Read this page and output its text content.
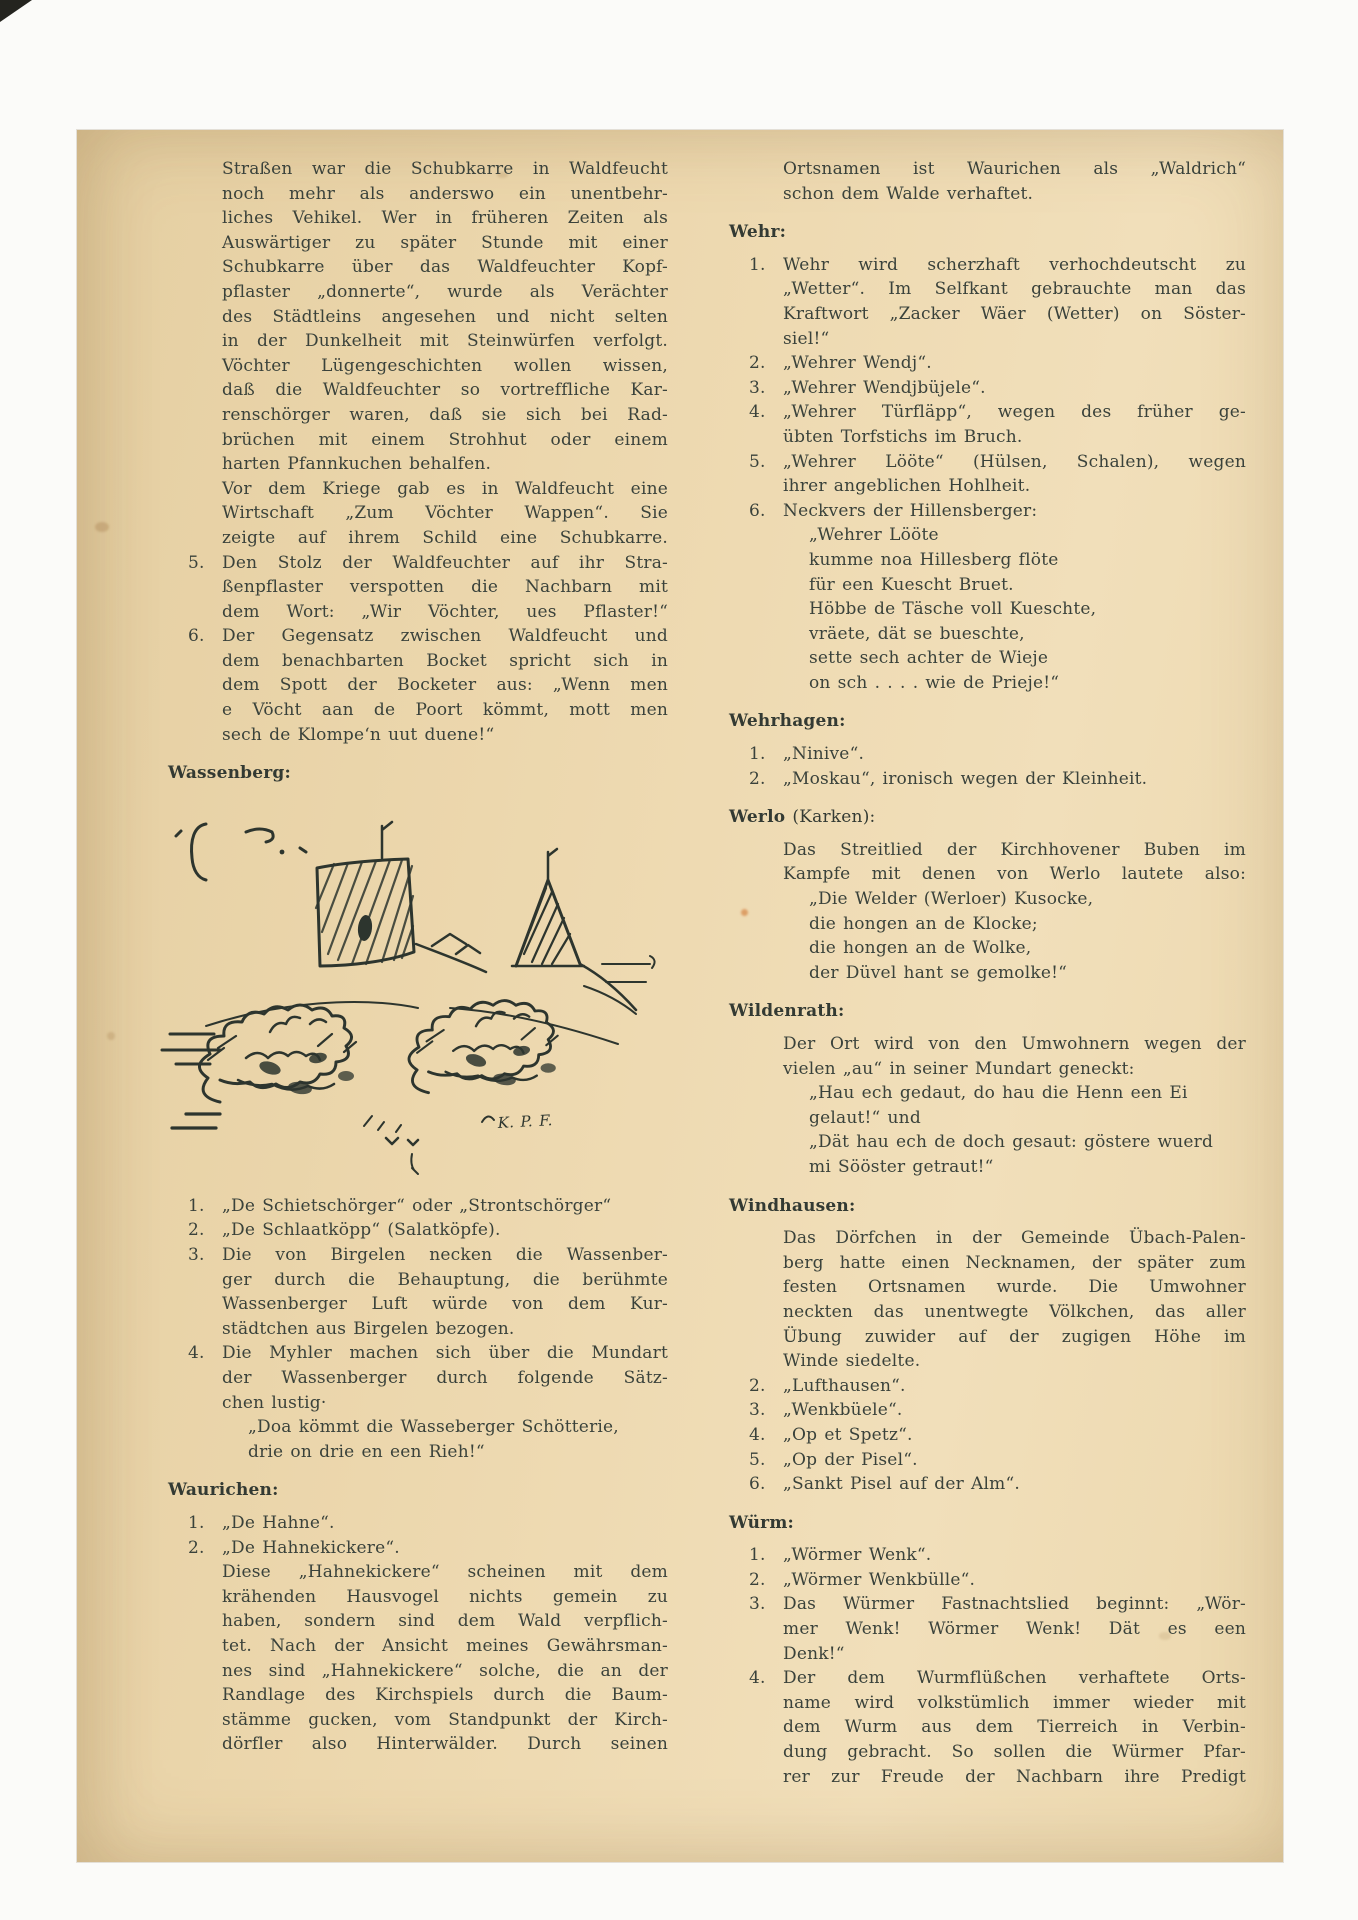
Straßen war die Schubkarre in Waldfeucht
noch mehr als anderswo ein unentbehr-
liches Vehikel. Wer in früheren Zeiten als
Auswärtiger zu später Stunde mit einer
Schubkarre über das Waldfeuchter Kopf-
pflaster „donnerte“, wurde als Verächter
des Städtleins angesehen und nicht selten
in der Dunkelheit mit Steinwürfen verfolgt.
Vöchter Lügengeschichten wollen wissen,
daß die Waldfeuchter so vortreffliche Kar-
renschörger waren, daß sie sich bei Rad-
brüchen mit einem Strohhut oder einem
harten Pfannkuchen behalfen.
Vor dem Kriege gab es in Waldfeucht eine
Wirtschaft „Zum Vöchter Wappen“. Sie
zeigte auf ihrem Schild eine Schubkarre.
5. Den Stolz der Waldfeuchter auf ihr Stra-
ßenpflaster verspotten die Nachbarn mit
dem Wort: „Wir Vöchter, ues Pflaster!“
6. Der Gegensatz zwischen Waldfeucht und
dem benachbarten Bocket spricht sich in
dem Spott der Bocketer aus: „Wenn men
e Vöcht aan de Poort kömmt, mott men
sech de Klompe‘n uut duene!“
Wassenberg:
K. P. F.
1. „De Schietschörger“ oder „Strontschörger“
2. „De Schlaatköpp“ (Salatköpfe).
3. Die von Birgelen necken die Wassenber-
ger durch die Behauptung, die berühmte
Wassenberger Luft würde von dem Kur-
städtchen aus Birgelen bezogen.
4. Die Myhler machen sich über die Mundart
der Wassenberger durch folgende Sätz-
chen lustig·
„Doa kömmt die Wasseberger Schötterie,
drie on drie en een Rieh!“
Waurichen:
1. „De Hahne“.
2. „De Hahnekickere“.
Diese „Hahnekickere“ scheinen mit dem
krähenden Hausvogel nichts gemein zu
haben, sondern sind dem Wald verpflich-
tet. Nach der Ansicht meines Gewährsman-
nes sind „Hahnekickere“ solche, die an der
Randlage des Kirchspiels durch die Baum-
stämme gucken, vom Standpunkt der Kirch-
dörfler also Hinterwälder. Durch seinen
Ortsnamen ist Waurichen als „Waldrich“
schon dem Walde verhaftet.
Wehr:
1. Wehr wird scherzhaft verhochdeutscht zu
„Wetter“. Im Selfkant gebrauchte man das
Kraftwort „Zacker Wäer (Wetter) on Söster-
siel!“
2. „Wehrer Wendj“.
3. „Wehrer Wendjbüjele“.
4. „Wehrer Türfläpp“, wegen des früher ge-
übten Torfstichs im Bruch.
5. „Wehrer Lööte“ (Hülsen, Schalen), wegen
ihrer angeblichen Hohlheit.
6. Neckvers der Hillensberger:
„Wehrer Lööte
kumme noa Hillesberg flöte
für een Kuescht Bruet.
Höbbe de Täsche voll Kueschte,
vräete, dät se bueschte,
sette sech achter de Wieje
on sch . . . . wie de Prieje!“
Wehrhagen:
1. „Ninive“.
2. „Moskau“, ironisch wegen der Kleinheit.
Werlo (Karken):
Das Streitlied der Kirchhovener Buben im
Kampfe mit denen von Werlo lautete also:
„Die Welder (Werloer) Kusocke,
die hongen an de Klocke;
die hongen an de Wolke,
der Düvel hant se gemolke!“
Wildenrath:
Der Ort wird von den Umwohnern wegen der
vielen „au“ in seiner Mundart geneckt:
„Hau ech gedaut, do hau die Henn een Ei
gelaut!“ und
„Dät hau ech de doch gesaut: göstere wuerd
mi Sööster getraut!“
Windhausen:
Das Dörfchen in der Gemeinde Übach-Palen-
berg hatte einen Necknamen, der später zum
festen Ortsnamen wurde. Die Umwohner
neckten das unentwegte Völkchen, das aller
Übung zuwider auf der zugigen Höhe im
Winde siedelte.
2. „Lufthausen“.
3. „Wenkbüele“.
4. „Op et Spetz“.
5. „Op der Pisel“.
6. „Sankt Pisel auf der Alm“.
Würm:
1. „Wörmer Wenk“.
2. „Wörmer Wenkbülle“.
3. Das Würmer Fastnachtslied beginnt: „Wör-
mer Wenk! Wörmer Wenk! Dät es een
Denk!“
4. Der dem Wurmflüßchen verhaftete Orts-
name wird volkstümlich immer wieder mit
dem Wurm aus dem Tierreich in Verbin-
dung gebracht. So sollen die Würmer Pfar-
rer zur Freude der Nachbarn ihre Predigt
